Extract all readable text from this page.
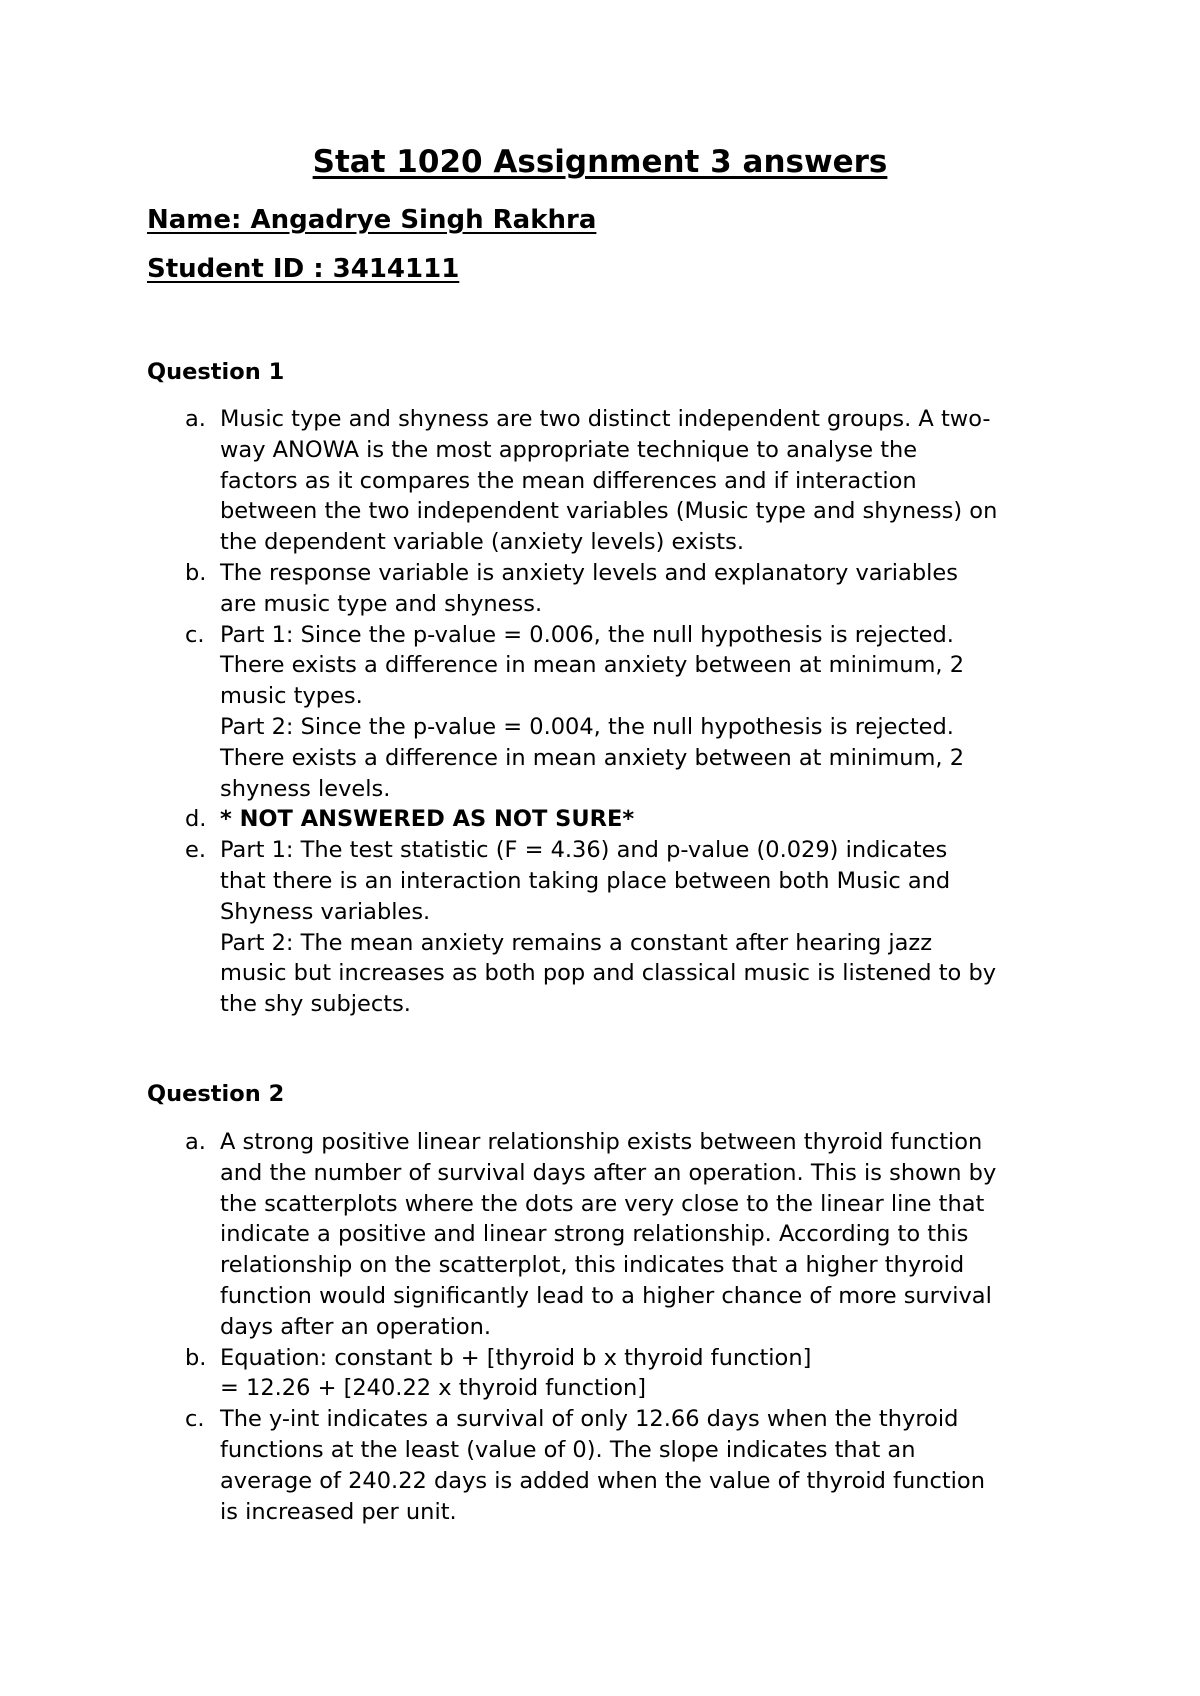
Stat 1020 Assignment 3 answers

Name: Angadrye Singh Rakhra

Student ID : 3414111

Question 1
a. Music type and shyness are two distinct independent groups. A two-
way ANOWA is the most appropriate technique to analyse the
factors as it compares the mean differences and if interaction
between the two independent variables (Music type and shyness) on
the dependent variable (anxiety levels) exists.
b. The response variable is anxiety levels and explanatory variables
are music type and shyness.
c. Part 1: Since the p-value = 0.006, the null hypothesis is rejected.
There exists a difference in mean anxiety between at minimum, 2
music types.
Part 2: Since the p-value = 0.004, the null hypothesis is rejected.
There exists a difference in mean anxiety between at minimum, 2
shyness levels.
d. * NOT ANSWERED AS NOT SURE*
e. Part 1: The test statistic (F = 4.36) and p-value (0.029) indicates
that there is an interaction taking place between both Music and
Shyness variables.
Part 2: The mean anxiety remains a constant after hearing jazz
music but increases as both pop and classical music is listened to by
the shy subjects.
Question 2
a. A strong positive linear relationship exists between thyroid function
and the number of survival days after an operation. This is shown by
the scatterplots where the dots are very close to the linear line that
indicate a positive and linear strong relationship. According to this
relationship on the scatterplot, this indicates that a higher thyroid
function would significantly lead to a higher chance of more survival
days after an operation.
b. Equation: constant b + [thyroid b x thyroid function]
= 12.26 + [240.22 x thyroid function]
c. The y-int indicates a survival of only 12.66 days when the thyroid
functions at the least (value of 0). The slope indicates that an
average of 240.22 days is added when the value of thyroid function
is increased per unit.
